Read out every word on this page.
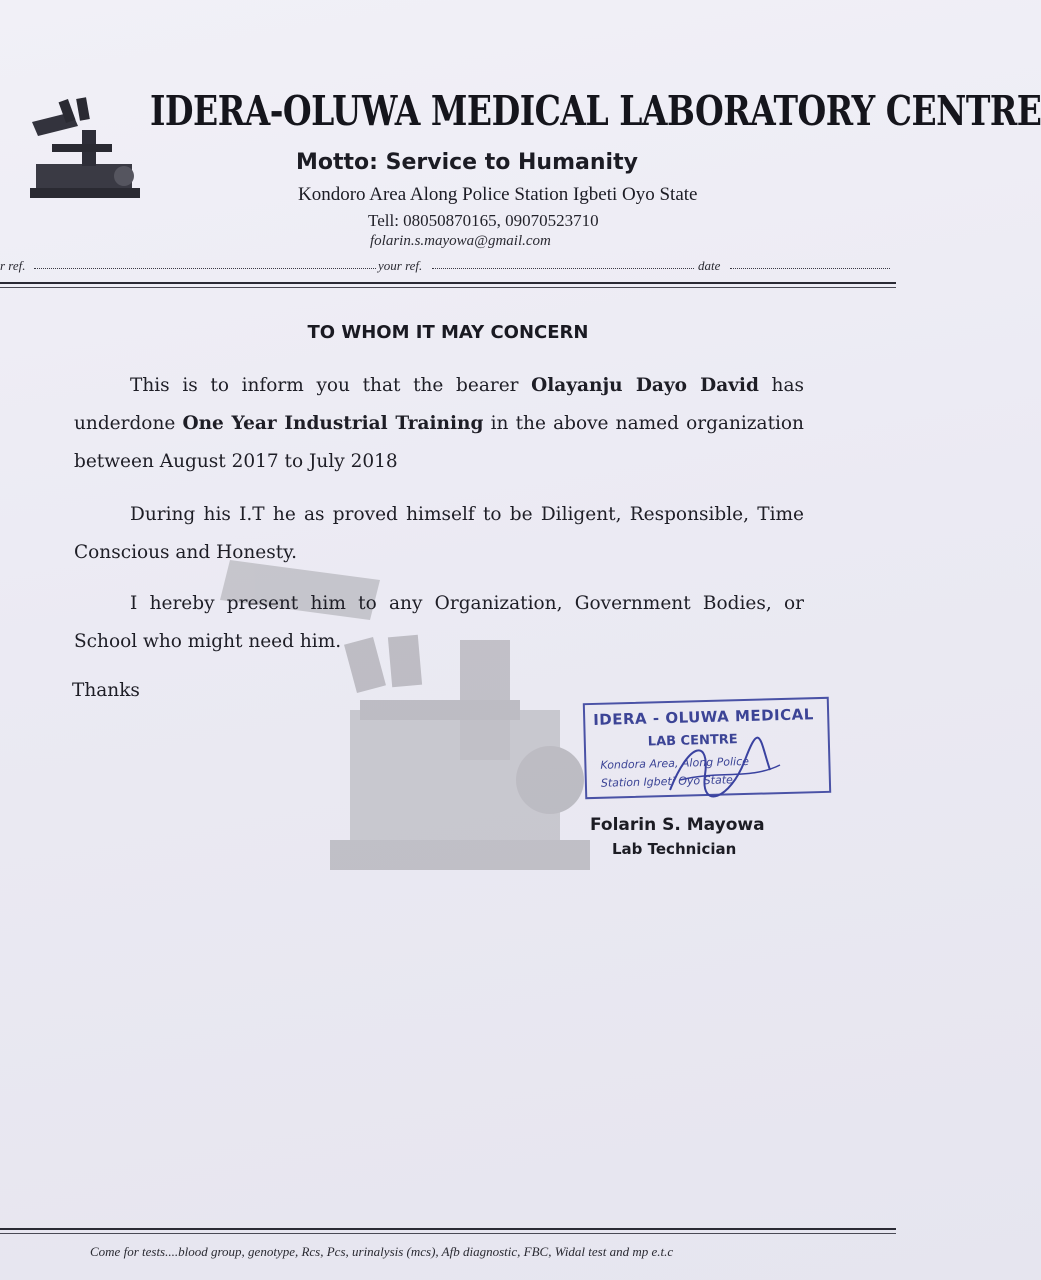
IDERA-OLUWA MEDICAL LABORATORY CENTRE
Motto: Service to Humanity
Kondoro Area Along Police Station Igbeti Oyo State
Tell: 08050870165, 09070523710
folarin.s.mayowa@gmail.com
r ref.	your ref.	date
TO WHOM IT MAY CONCERN
This is to inform you that the bearer Olayanju Dayo David has underdone One Year Industrial Training in the above named organization between August 2017 to July 2018
During his I.T he as proved himself to be Diligent, Responsible, Time Conscious and Honesty.
I hereby present him to any Organization, Government Bodies, or School who might need him.
Thanks
IDERA - OLUWA MEDICAL
LAB CENTRE
Kondora Area, Along Police
Station Igbeti Oyo State
Folarin S. Mayowa
Lab Technician
Come for tests....blood group, genotype, Rcs, Pcs, urinalysis (mcs), Afb diagnostic, FBC, Widal test and mp e.t.c
